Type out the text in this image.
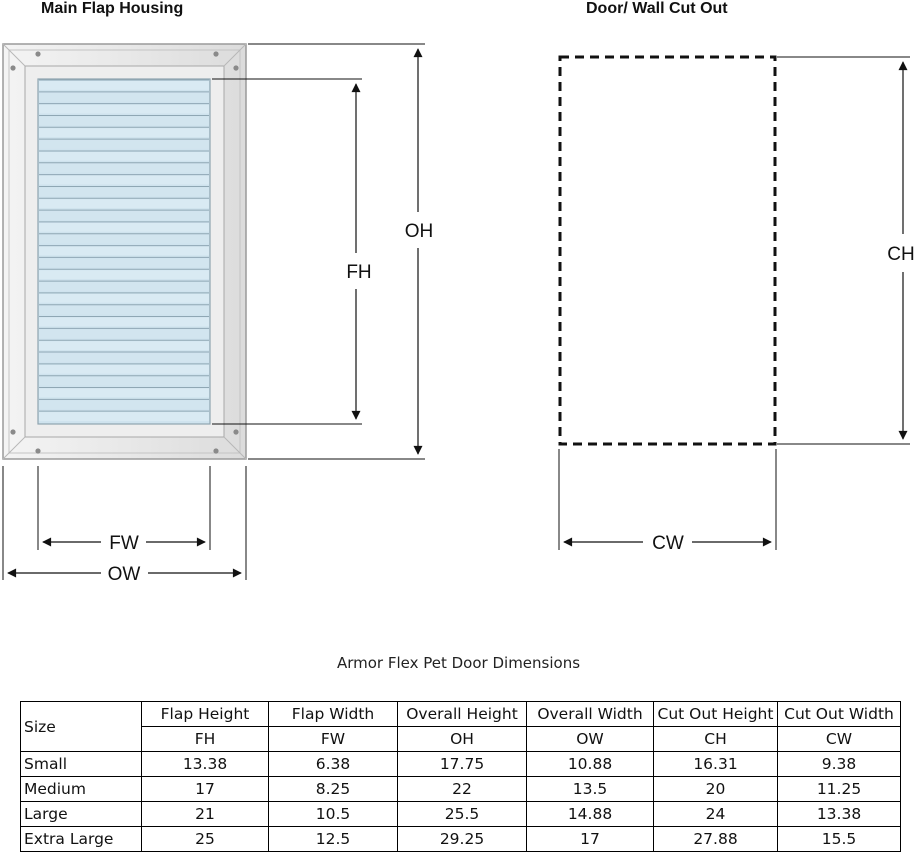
Main Flap Housing	Door/ Wall Cut Out
FH
OH
FW
OW
CH
CW
Armor Flex Pet Door Dimensions
Size	Flap Height	Flap Width	Overall Height	Overall Width	Cut Out Height	Cut Out Width
	FH	FW	OH	OW	CH	CW
Small	13.38	6.38	17.75	10.88	16.31	9.38
Medium	17	8.25	22	13.5	20	11.25
Large	21	10.5	25.5	14.88	24	13.38
Extra Large	25	12.5	29.25	17	27.88	15.5
